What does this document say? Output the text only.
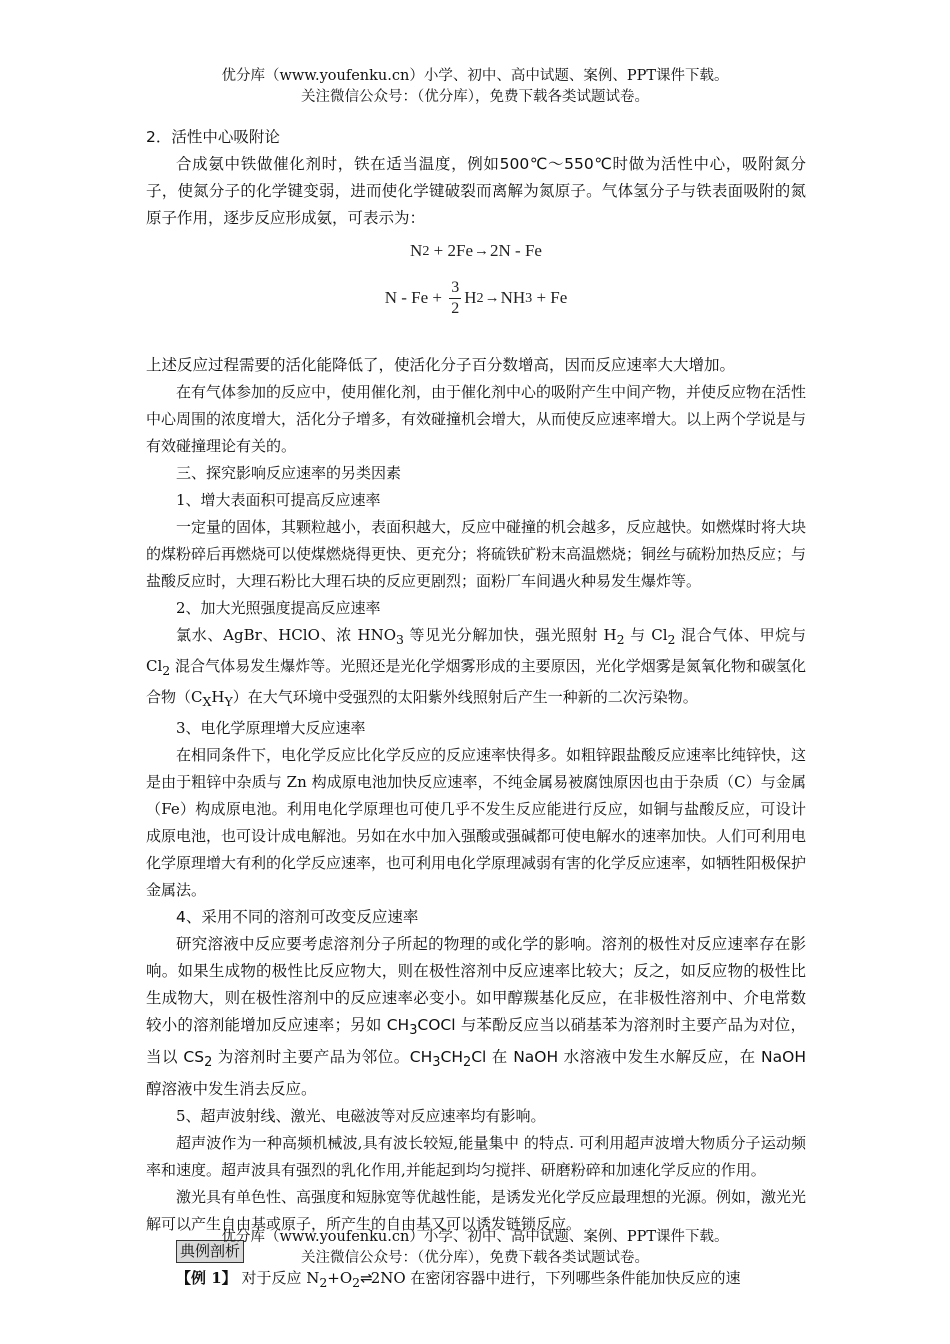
优分库（www.youfenku.cn）小学、初中、高中试题、案例、PPT课件下载。
关注微信公众号：（优分库），免费下载各类试题试卷。

2．活性中心吸附论

合成氨中铁做催化剂时，铁在适当温度，例如500℃～550℃时做为活性中心，吸附氮分子，使氮分子的化学键变弱，进而使化学键破裂而离解为氮原子。气体氢分子与铁表面吸附的氮原子作用，逐步反应形成氨，可表示为：

N 2 + 2Fe → 2N - Fe
$N - Fe + \frac{3}{2}$ H 2 → NH 3 + Fe

上述反应过程需要的活化能降低了，使活化分子百分数增高，因而反应速率大大增加。

在有气体参加的反应中，使用催化剂，由于催化剂中心的吸附产生中间产物，并使反应物在活性中心周围的浓度增大，活化分子增多，有效碰撞机会增大，从而使反应速率增大。以上两个学说是与有效碰撞理论有关的。

三、探究影响反应速率的另类因素

1、增大表面积可提高反应速率

一定量的固体，其颗粒越小，表面积越大，反应中碰撞的机会越多，反应越快。如燃煤时将大块的煤粉碎后再燃烧可以使煤燃烧得更快、更充分；将硫铁矿粉末高温燃烧；铜丝与硫粉加热反应；与盐酸反应时，大理石粉比大理石块的反应更剧烈；面粉厂车间遇火种易发生爆炸等。

2、加大光照强度提高反应速率

氯水、AgBr、HClO、浓 $HNO_3$ 等见光分解加快，强光照射 $H_2$ 与 $Cl_2$ 混合气体、甲烷与 $Cl_2$ 混合气体易发生爆炸等。光照还是光化学烟雾形成的主要原因，光化学烟雾是氮氧化物和碳氢化合物$(C_XH_Y)$在大气环境中受强烈的太阳紫外线照射后产生一种新的二次污染物。

3、电化学原理增大反应速率

在相同条件下，电化学反应比化学反应的反应速率快得多。如粗锌跟盐酸反应速率比纯锌快，这是由于粗锌中杂质与 Zn 构成原电池加快反应速率，不纯金属易被腐蚀原因也由于杂质（C）与金属（Fe）构成原电池。利用电化学原理也可使几乎不发生反应能进行反应，如铜与盐酸反应，可设计成原电池，也可设计成电解池。另如在水中加入强酸或强碱都可使电解水的速率加快。人们可利用电化学原理增大有利的化学反应速率，也可利用电化学原理减弱有害的化学反应速率，如牺牲阳极保护金属法。

4、采用不同的溶剂可改变反应速率

研究溶液中反应要考虑溶剂分子所起的物理的或化学的影响。溶剂的极性对反应速率存在影响。如果生成物的极性比反应物大，则在极性溶剂中反应速率比较大；反之，如反应物的极性比生成物大，则在极性溶剂中的反应速率必变小。如甲醇羰基化反应，在非极性溶剂中、介电常数较小的溶剂能增加反应速率；另如 $CH_3COCl$ 与苯酚反应当以硝基苯为溶剂时主要产品为对位，当以 $CS_2$ 为溶剂时主要产品为邻位。$CH_3CH_2Cl$ 在 NaOH 水溶液中发生水解反应，在 NaOH 醇溶液中发生消去反应。

5、超声波射线、激光、电磁波等对反应速率均有影响。

超声波作为一种高频机械波,具有波长较短,能量集中 的特点. 可利用超声波增大物质分子运动频率和速度。超声波具有强烈的乳化作用,并能起到均匀搅拌、研磨粉碎和加速化学反应的作用。

激光具有单色性、高强度和短脉宽等优越性能，是诱发光化学反应最理想的光源。例如，激光光解可以产生自由基或原子，所产生的自由基又可以诱发链锁反应。

典例剖析

【例 1】 对于反应 $N_2+O_2\rightleftharpoons 2NO$ 在密闭容器中进行，下列哪些条件能加快反应的速

优分库（www.youfenku.cn）小学、初中、高中试题、案例、PPT课件下载。
关注微信公众号：（优分库），免费下载各类试题试卷。
